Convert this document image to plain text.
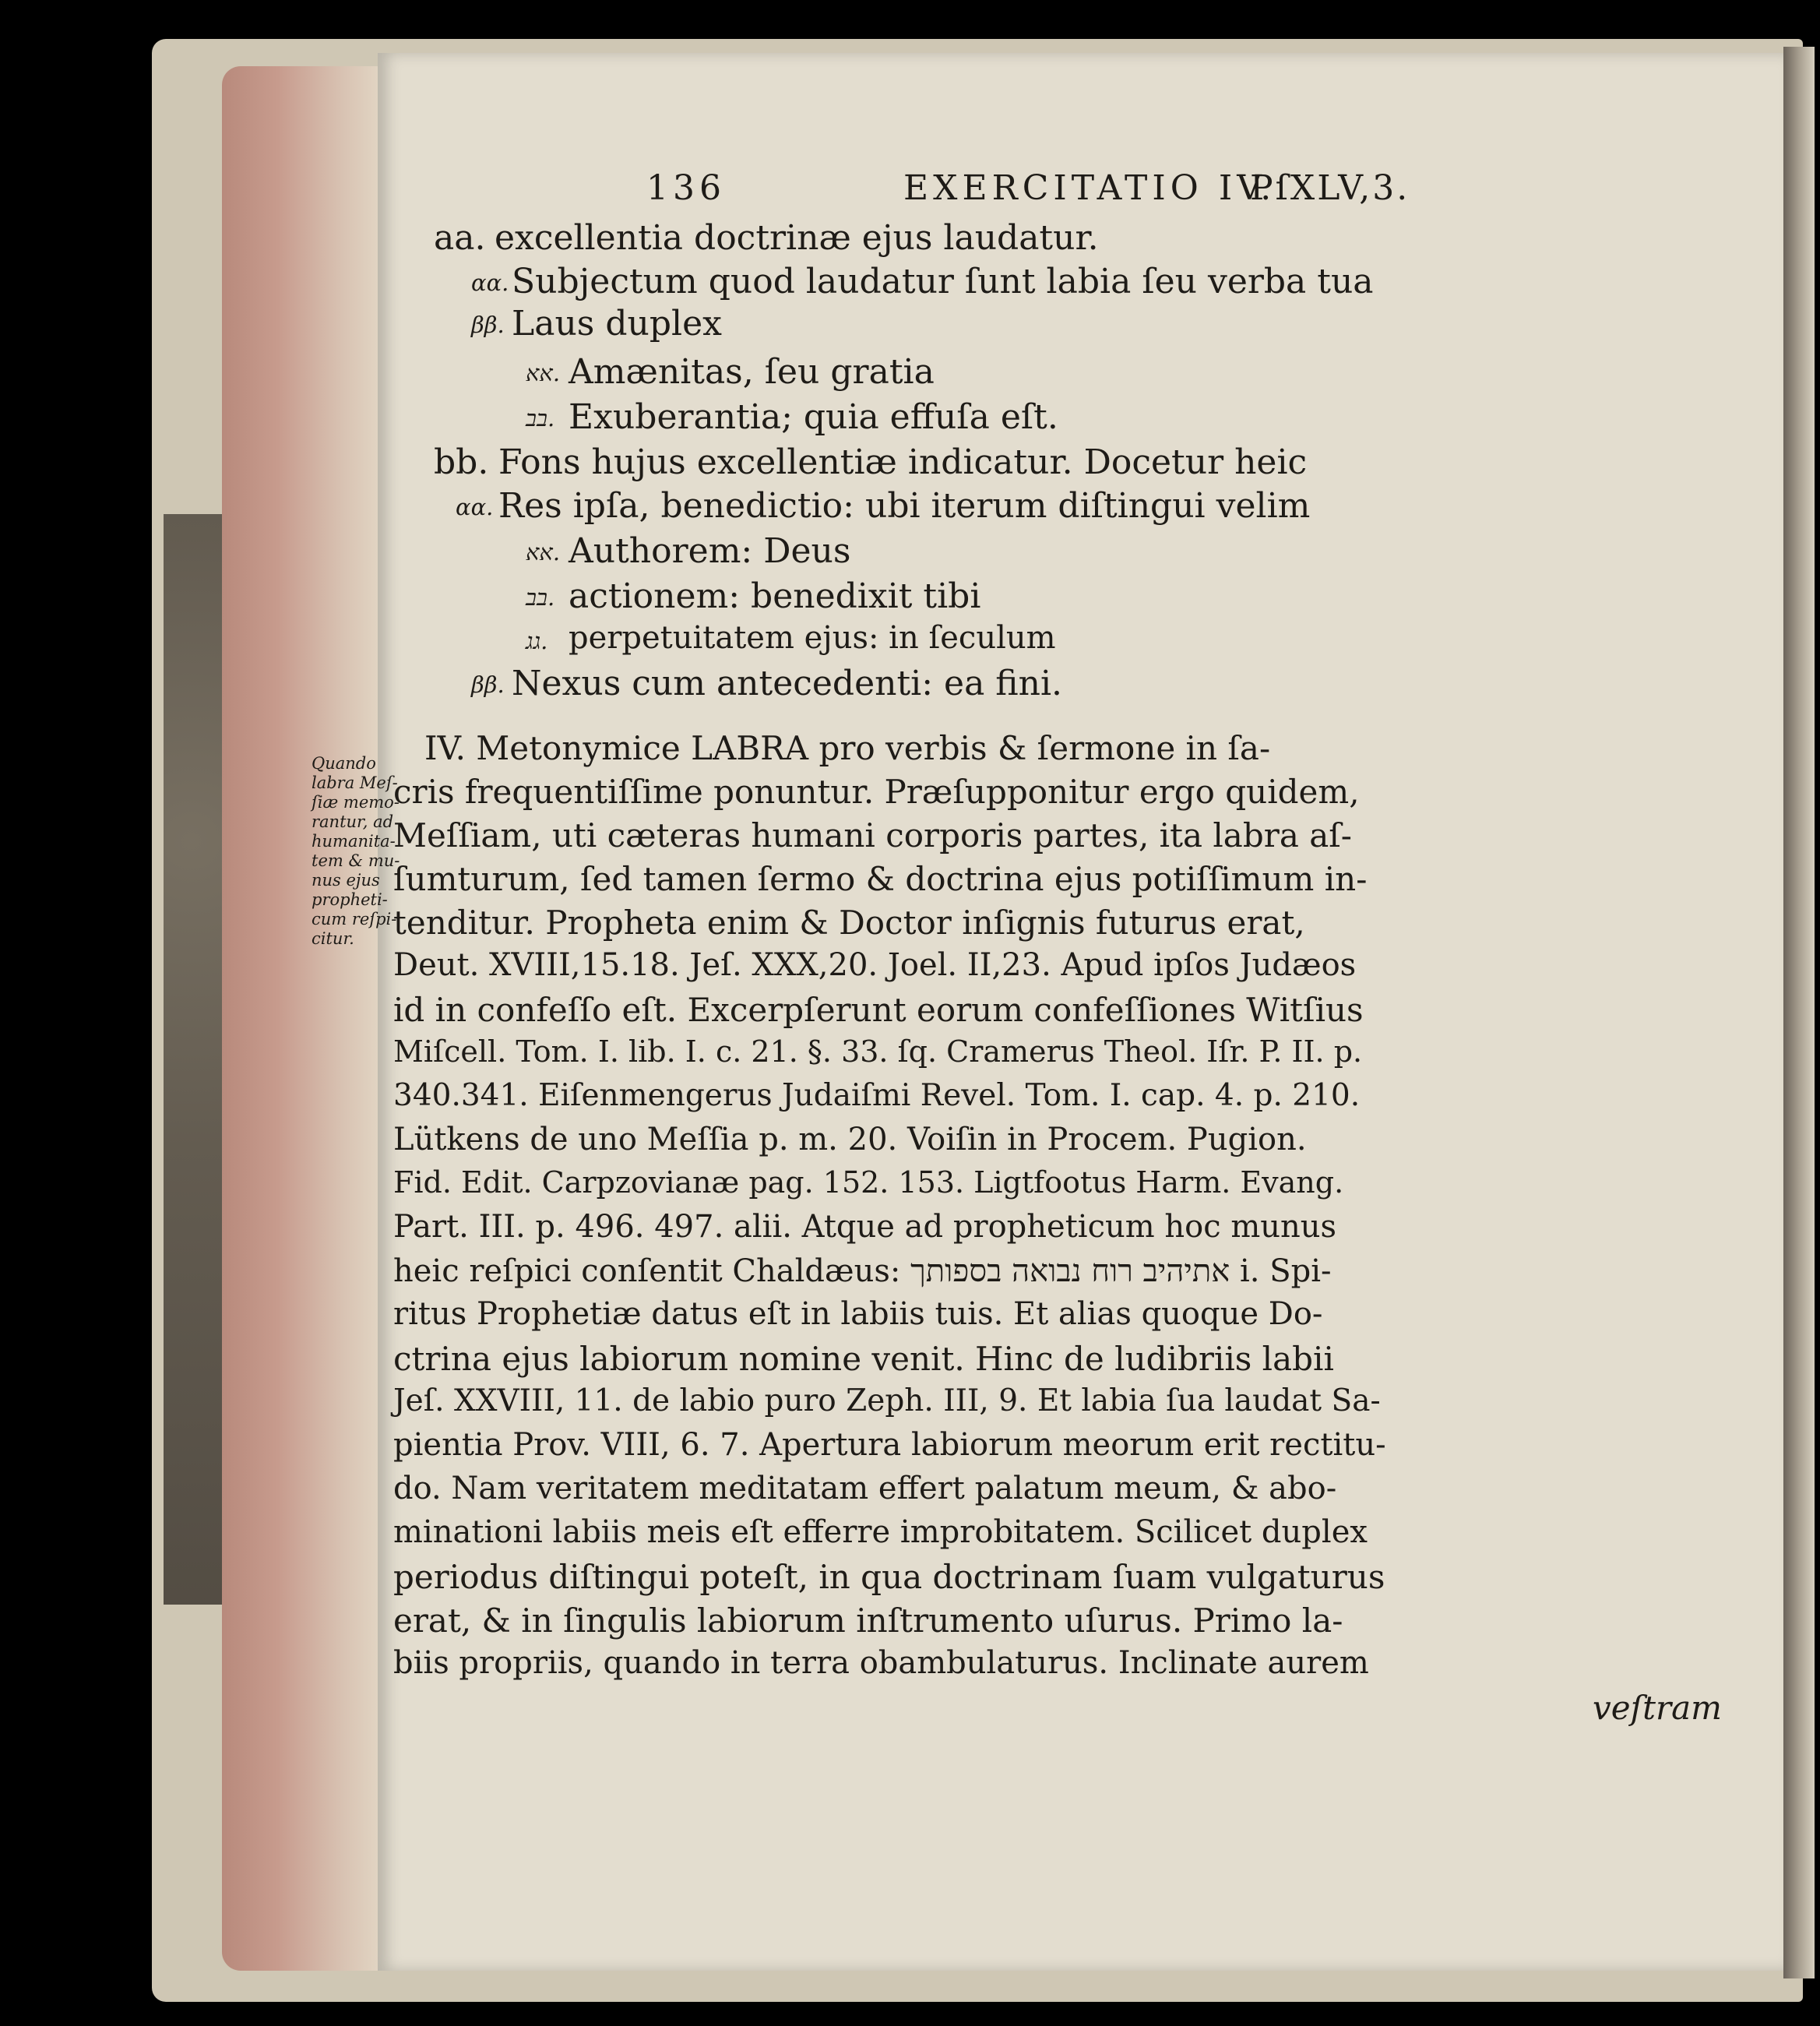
136	EXERCITATIO IV.
PſXLV,3.
aa. excellentia doctrinæ ejus laudatur.
αα. Subjectum quod laudatur ſunt labia ſeu verba tua
ββ. Laus duplex
אא. Amænitas, ſeu gratia
בב. Exuberantia; quia effuſa eſt.
bb. Fons hujus excellentiæ indicatur. Docetur heic
αα. Res ipſa, benedictio: ubi iterum diſtingui velim
אא. Authorem: Deus
בב. actionem: benedixit tibi
גג. perpetuitatem ejus: in ſeculum
ββ. Nexus cum antecedenti: ea fini.
Quando
labra Meſ-
ſiæ memo-
rantur, ad
humanita-
tem & mu-
nus ejus
propheti-
cum reſpi-
citur.
IV. Metonymice LABRA pro verbis & ſermone in ſa-
cris frequentiſſime ponuntur. Præſupponitur ergo quidem,
Meſſiam, uti cæteras humani corporis partes, ita labra aſ-
ſumturum, ſed tamen ſermo & doctrina ejus potiſſimum in-
tenditur. Propheta enim & Doctor inſignis futurus erat,
Deut. XVIII,15.18. Jeſ. XXX,20. Joel. II,23. Apud ipſos Judæos
id in confeſſo eſt. Excerpſerunt eorum confeſſiones Witſius
Miſcell. Tom. I. lib. I. c. 21. §. 33. ſq. Cramerus Theol. Iſr. P. II. p.
340.341. Eiſenmengerus Judaiſmi Revel. Tom. I. cap. 4. p. 210.
Lütkens de uno Meſſia p. m. 20. Voiſin in Procem. Pugion.
Fid. Edit. Carpzovianæ pag. 152. 153. Ligtfootus Harm. Evang.
Part. III. p. 496. 497. alii. Atque ad propheticum hoc munus
heic reſpici conſentit Chaldæus: אתיהיב רוח נבואה בספותך i. Spi-
ritus Prophetiæ datus eſt in labiis tuis. Et alias quoque Do-
ctrina ejus labiorum nomine venit. Hinc de ludibriis labii
Jeſ. XXVIII, 11. de labio puro Zeph. III, 9. Et labia ſua laudat Sa-
pientia Prov. VIII, 6. 7. Apertura labiorum meorum erit rectitu-
do. Nam veritatem meditatam effert palatum meum, & abo-
minationi labiis meis eſt efferre improbitatem. Scilicet duplex
periodus diſtingui poteſt, in qua doctrinam ſuam vulgaturus
erat, & in ſingulis labiorum inſtrumento uſurus. Primo la-
biis propriis, quando in terra obambulaturus. Inclinate aurem
veſtram
